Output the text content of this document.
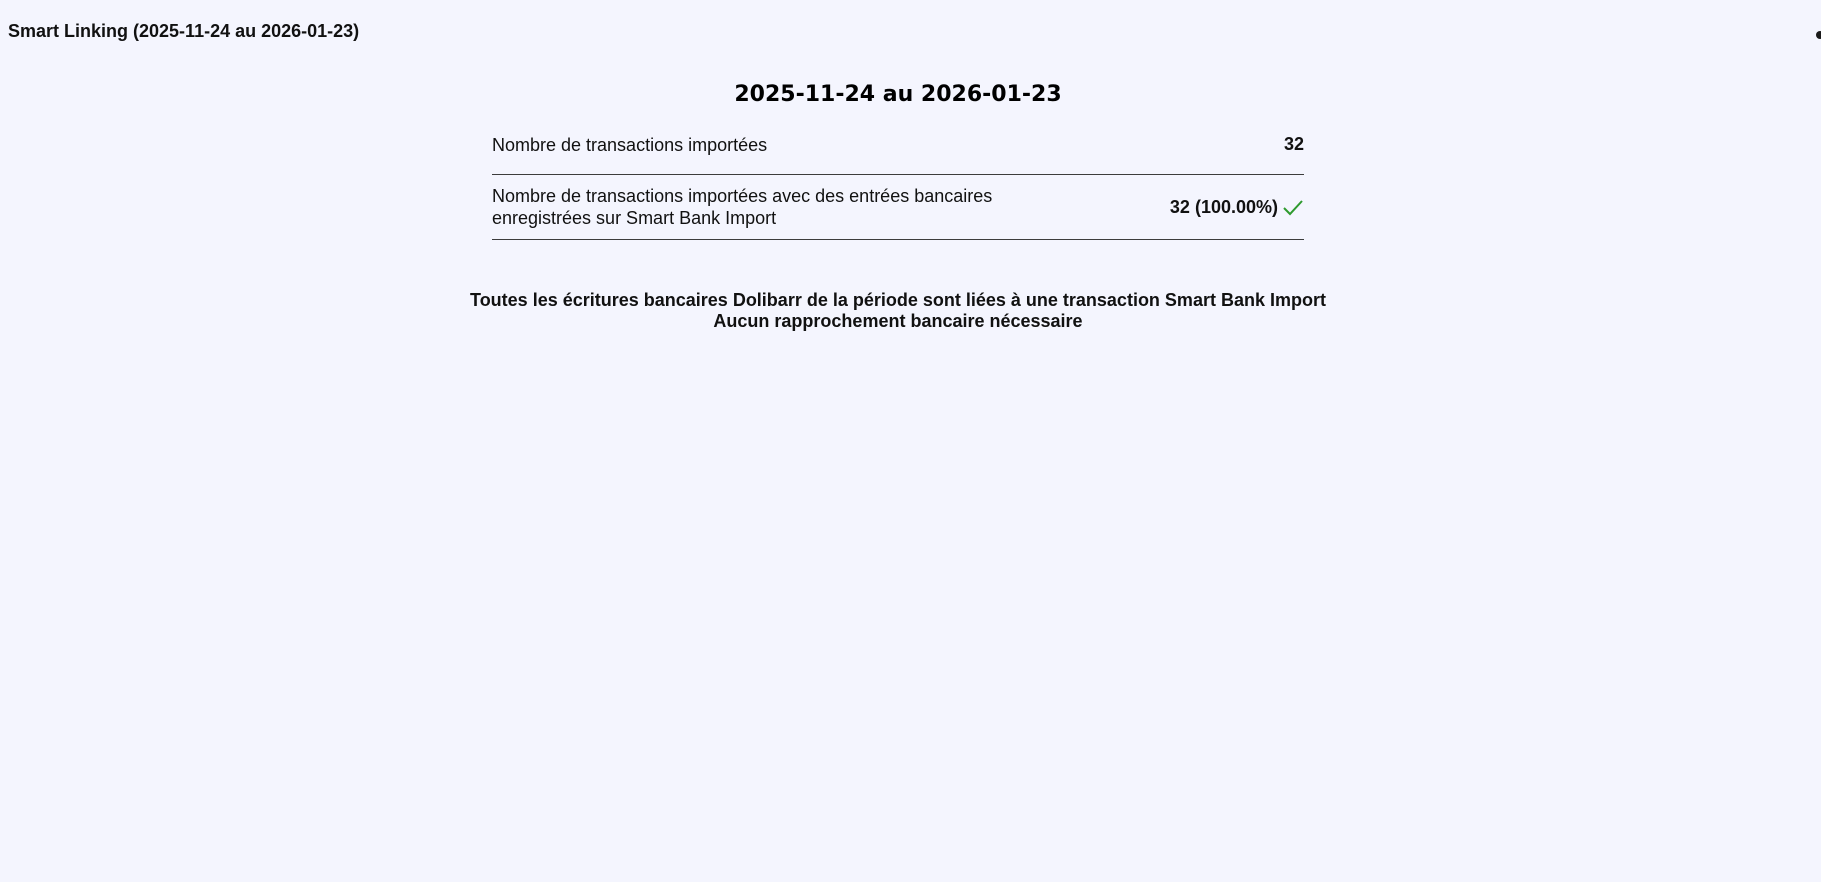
Smart Linking (2025-11-24 au 2026-01-23)
2025-11-24 au 2026-01-23
Nombre de transactions importées	32
Nombre de transactions importées avec des entrées bancaires enregistrées sur Smart Bank Import
32 (100.00%)
Toutes les écritures bancaires Dolibarr de la période sont liées à une transaction Smart Bank Import
Aucun rapprochement bancaire nécessaire
